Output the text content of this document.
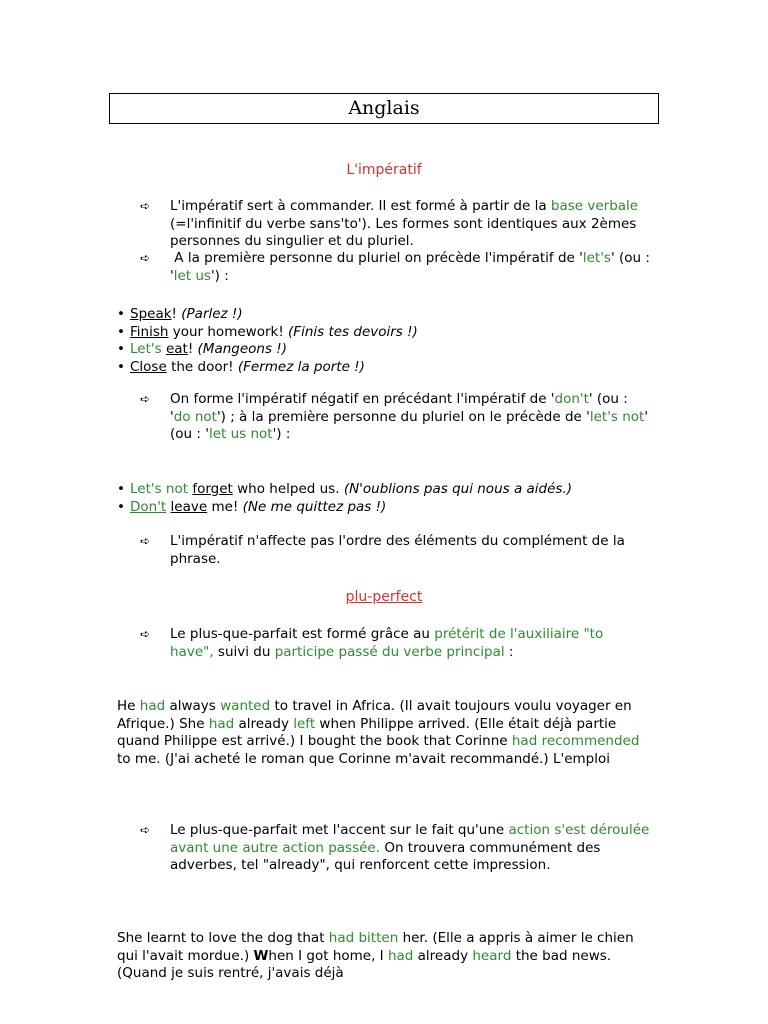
Anglais
L'impératif
➪ L'impératif sert à commander. Il est formé à partir de la base verbale (=l'infinitif du verbe sans'to'). Les formes sont identiques aux 2èmes personnes du singulier et du pluriel.
➪	A la première personne du pluriel on précède l'impératif de 'let's' (ou : 'let us') :
• Speak! (Parlez !)
• Finish your homework! (Finis tes devoirs !)
• Let's eat! (Mangeons !)
• Close the door! (Fermez la porte !)
➪ On forme l'impératif négatif en précédant l'impératif de 'don't' (ou : 'do not') ; à la première personne du pluriel on le précède de 'let's not' (ou : 'let us not') :
• Let's not forget who helped us. (N'oublions pas qui nous a aidés.)
• Don't leave me! (Ne me quittez pas !)
➪ L'impératif n'affecte pas l'ordre des éléments du complément de la phrase.
plu-perfect
➪ Le plus-que-parfait est formé grâce au prétérit de l'auxiliaire "to have", suivi du participe passé du verbe principal :
He had always wanted to travel in Africa. (Il avait toujours voulu voyager en Afrique.) She had already left when Philippe arrived. (Elle était déjà partie quand Philippe est arrivé.) I bought the book that Corinne had recommended to me. (J'ai acheté le roman que Corinne m'avait recommandé.) L'emploi
➪ Le plus-que-parfait met l'accent sur le fait qu'une action s'est déroulée avant une autre action passée. On trouvera communément des adverbes, tel "already", qui renforcent cette impression.
She learnt to love the dog that had bitten her. (Elle a appris à aimer le chien qui l'avait mordue.) When I got home, I had already heard the bad news. (Quand je suis rentré, j'avais déjà
